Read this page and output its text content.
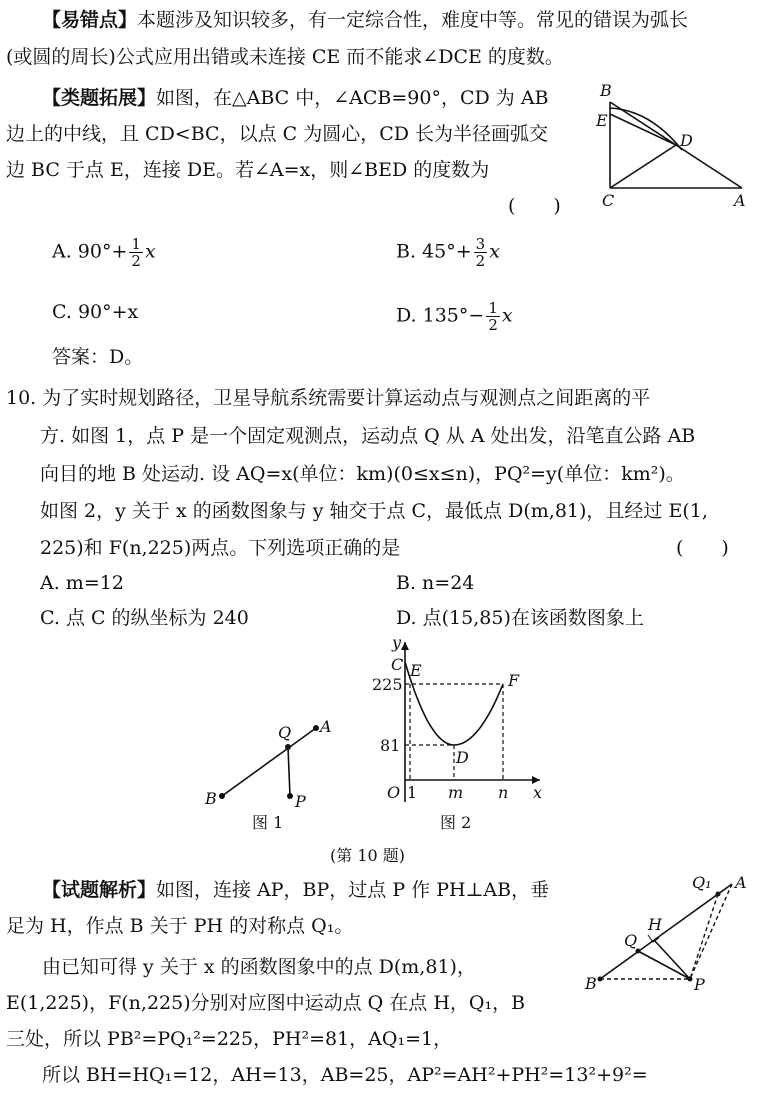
【易错点】本题涉及知识较多，有一定综合性，难度中等。常见的错误为弧长
(或圆的周长)公式应用出错或未连接 CE 而不能求∠DCE 的度数。
【类题拓展】如图，在△ABC 中，∠ACB=90°，CD 为 AB
边上的中线，且 CD<BC，以点 C 为圆心，CD 长为半径画弧交
边 BC 于点 E，连接 DE。若∠A=x，则∠BED 的度数为
(　　)
B
E
D
C	A
A. $90^\circ+ \frac{1}{2}$ x	B. $45^\circ+ \frac{3}{2}$ x
C. 90°+x	D. $135^\circ- \frac{1}{2}$ x
答案：D。
10. 为了实时规划路径，卫星导航系统需要计算运动点与观测点之间距离的平
方. 如图 1，点 P 是一个固定观测点，运动点 Q 从 A 处出发，沿笔直公路 AB
向目的地 B 处运动. 设 AQ=x(单位：km)(0≤x≤n)，PQ²=y(单位：km²)。
如图 2，y 关于 x 的函数图象与 y 轴交于点 C，最低点 D(m,81)，且经过 E(1,
225)和 F(n,225)两点。下列选项正确的是	(　　)
A. m=12	B. n=24
C. 点 C 的纵坐标为 240	D. 点(15,85)在该函数图象上
Q A
B	P
图 1
y
x
O
C E
F
D
225
81
1 m n
图 2
(第 10 题)
【试题解析】如图，连接 AP，BP，过点 P 作 PH⊥AB，垂
足为 H，作点 B 关于 PH 的对称点 Q₁。
由已知可得 y 关于 x 的函数图象中的点 D(m,81)，
E(1,225)，F(n,225)分别对应图中运动点 Q 在点 H，Q₁，B
三处，所以 PB²=PQ₁²=225，PH²=81，AQ₁=1，
所以 BH=HQ₁=12，AH=13，AB=25，AP²=AH²+PH²=13²+9²=
Q₁ A
H
Q
B	P
